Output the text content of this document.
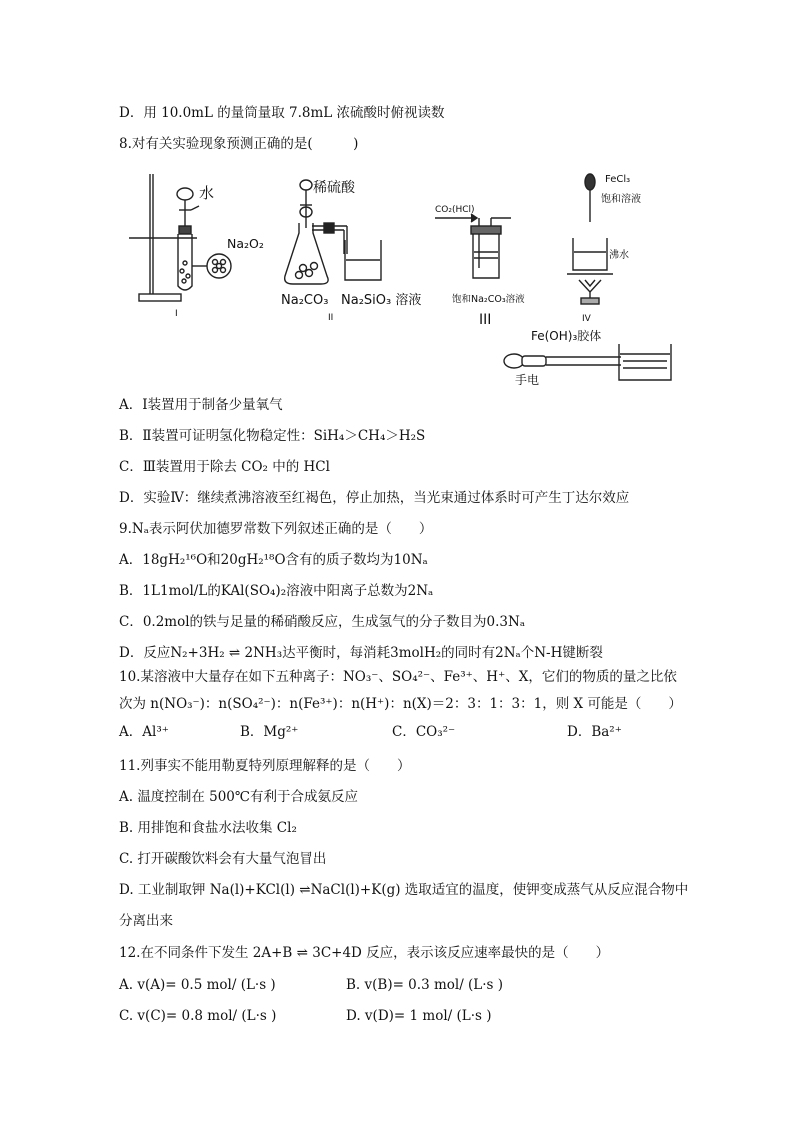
D．用 10.0mL 的量筒量取 7.8mL 浓硫酸时俯视读数
8.对有关实验现象预测正确的是(　　　)
水
Na₂O₂
I
稀硫酸
Na₂CO₃ Na₂SiO₃ 溶液
II
CO₂(HCl)
饱和Na₂CO₃溶液
III
FeCl₃
饱和溶液
沸水
IV
Fe(OH)₃胶体
手电
A．Ⅰ装置用于制备少量氧气
B．Ⅱ装置可证明氢化物稳定性：SiH₄＞CH₄＞H₂S
C．Ⅲ装置用于除去 CO₂ 中的 HCl
D．实验Ⅳ：继续煮沸溶液至红褐色，停止加热，当光束通过体系时可产生丁达尔效应
9.Nₐ表示阿伏加德罗常数下列叙述正确的是（　　）
A．18gH₂¹⁶O和20gH₂¹⁸O含有的质子数均为10Nₐ
B．1L1mol/L的KAl(SO₄)₂溶液中阳离子总数为2Nₐ
C．0.2mol的铁与足量的稀硝酸反应，生成氢气的分子数目为0.3Nₐ
D．反应N₂+3H₂ ⇌ 2NH₃达平衡时，每消耗3molH₂的同时有2Nₐ个N-H键断裂
10.某溶液中大量存在如下五种离子：NO₃⁻、SO₄²⁻、Fe³⁺、H⁺、X，它们的物质的量之比依
次为 n(NO₃⁻)：n(SO₄²⁻)：n(Fe³⁺)：n(H⁺)：n(X)＝2：3：1：3：1，则 X 可能是（　　）
A．Al³⁺	B．Mg²⁺	C．CO₃²⁻	D．Ba²⁺
11.列事实不能用勒夏特列原理解释的是（　　）
A. 温度控制在 500℃有利于合成氨反应
B. 用排饱和食盐水法收集 Cl₂
C. 打开碳酸饮料会有大量气泡冒出
D. 工业制取钾 Na(l)+KCl(l) ⇌NaCl(l)+K(g) 选取适宜的温度，使钾变成蒸气从反应混合物中
分离出来
12.在不同条件下发生 2A+B ⇌ 3C+4D 反应，表示该反应速率最快的是（　　）
A. v(A)= 0.5 mol/ (L·s )	B. v(B)= 0.3 mol/ (L·s )
C. v(C)= 0.8 mol/ (L·s )	D. v(D)= 1 mol/ (L·s )
